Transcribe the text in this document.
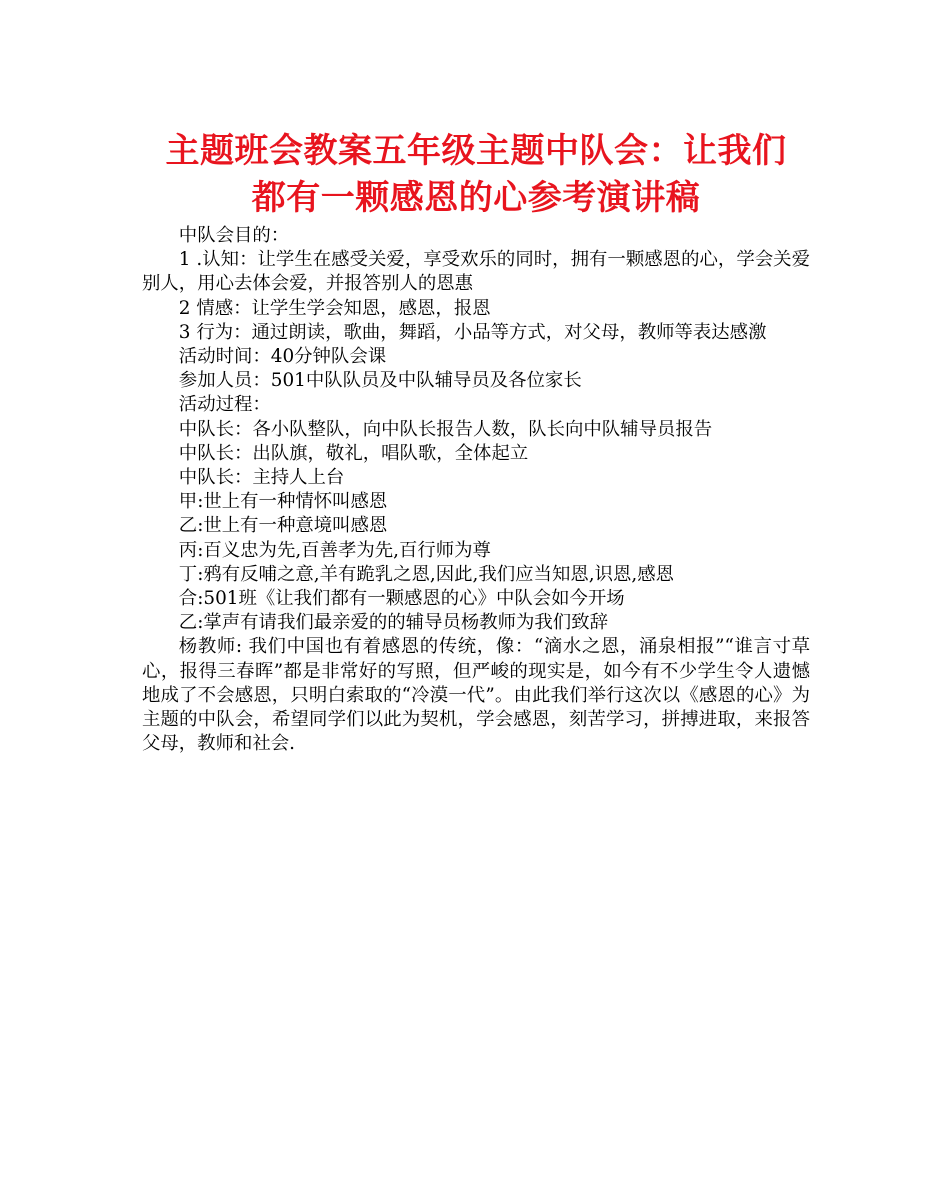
主题班会教案五年级主题中队会：让我们
都有一颗感恩的心参考演讲稿

中队会目的：

1 .认知：让学生在感受关爱，享受欢乐的同时，拥有一颗感恩的心，学会关爱别人，用心去体会爱，并报答别人的恩惠

2 情感：让学生学会知恩，感恩，报恩

3 行为：通过朗读，歌曲，舞蹈，小品等方式，对父母，教师等表达感激

活动时间：40分钟队会课

参加人员：501中队队员及中队辅导员及各位家长

活动过程：

中队长：各小队整队，向中队长报告人数，队长向中队辅导员报告

中队长：出队旗，敬礼，唱队歌，全体起立

中队长：主持人上台

甲:世上有一种情怀叫感恩

乙:世上有一种意境叫感恩

丙:百义忠为先,百善孝为先,百行师为尊

丁:鸦有反哺之意,羊有跪乳之恩,因此,我们应当知恩,识恩,感恩

合:501班《让我们都有一颗感恩的心》中队会如今开场

乙:掌声有请我们最亲爱的的辅导员杨教师为我们致辞

杨教师: 我们中国也有着感恩的传统，像：“滴水之恩，涌泉相报”“谁言寸草心，报得三春晖”都是非常好的写照，但严峻的现实是，如今有不少学生令人遗憾地成了不会感恩，只明白索取的“冷漠一代”。由此我们举行这次以《感恩的心》为主题的中队会，希望同学们以此为契机，学会感恩，刻苦学习，拼搏进取，来报答父母，教师和社会.
